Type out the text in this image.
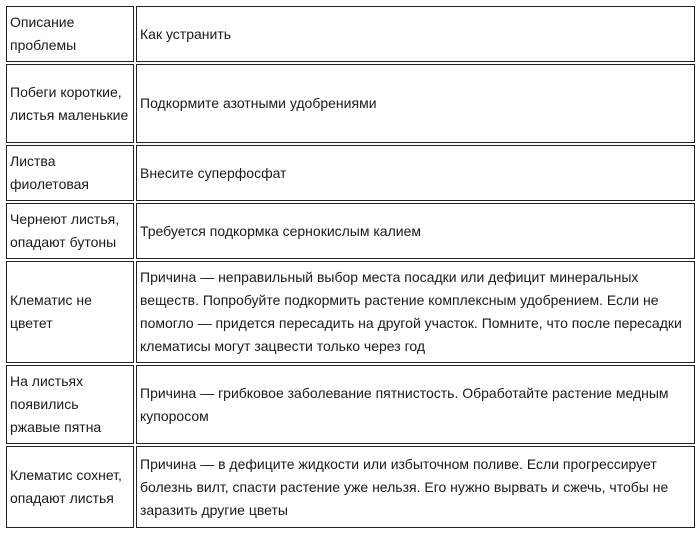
Описание проблемы	Как устранить
Побеги короткие, листья маленькие	Подкормите азотными удобрениями
Листва фиолетовая	Внесите суперфосфат
Чернеют листья, опадают бутоны	Требуется подкормка сернокислым калием
Клематис не цветет	Причина — неправильный выбор места посадки или дефицит минеральных веществ. Попробуйте подкормить растение комплексным удобрением. Если не помогло — придется пересадить на другой участок. Помните, что после пересадки клематисы могут зацвести только через год
На листьях появились ржавые пятна	Причина — грибковое заболевание пятнистость. Обработайте растение медным купоросом
Клематис сохнет, опадают листья	Причина — в дефиците жидкости или избыточном поливе. Если прогрессирует болезнь вилт, спасти растение уже нельзя. Его нужно вырвать и сжечь, чтобы не заразить другие цветы
